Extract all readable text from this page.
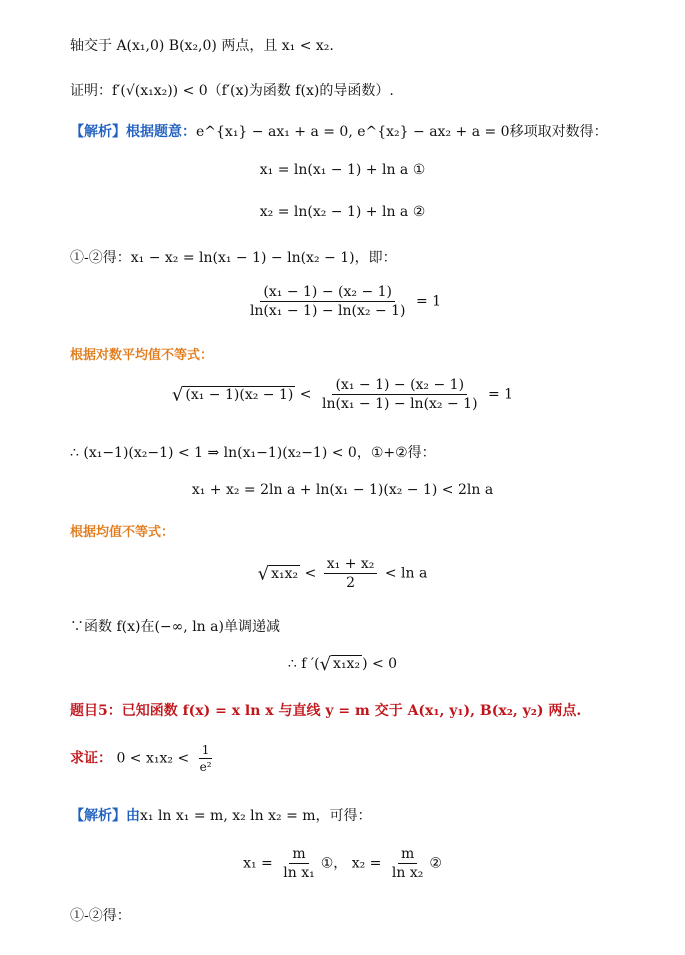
轴交于 A(x₁,0) B(x₂,0) 两点，且 x₁ < x₂.
证明：f′(√(x₁x₂)) < 0（f′(x)为函数 f(x)的导函数）.
【解析】根据题意：e^{x₁} − ax₁ + a = 0, e^{x₂} − ax₂ + a = 0移项取对数得：
x₁ = ln(x₁ − 1) + ln a ①
x₂ = ln(x₂ − 1) + ln a ②
①-②得：x₁ − x₂ = ln(x₁ − 1) − ln(x₂ − 1)，即：
$\frac{\text{(x₁ − 1) − (x₂ − 1)}}{\text{ln(x₁ − 1) − ln(x₂ − 1)}} = 1$
根据对数平均值不等式：
√ $(x_1 - 1)(x_2 - 1) < \frac{\text{(x₁ − 1) − (x₂ − 1)}}{\text{ln(x₁ − 1) − ln(x₂ − 1)}} = 1$
∴ (x₁−1)(x₂−1) < 1 ⇒ ln(x₁−1)(x₂−1) < 0，①+②得：
x₁ + x₂ = 2ln a + ln(x₁ − 1)(x₂ − 1) < 2ln a
根据均值不等式：
√ $x_1x_2 < \frac{\text{x₁ + x₂}}{2} < \ln a$
∵函数 f(x)在(−∞, ln a)单调递减
∴ f ′(√ x₁x₂ ) < 0
题目5：已知函数 f(x) = x ln x 与直线 y = m 交于 A(x₁, y₁), B(x₂, y₂) 两点.
求证： $0 < x_1x_2 < \frac{1}{\text{e²}}$
【解析】由x₁ ln x₁ = m, x₂ ln x₂ = m，可得：
$x_1 = \frac{m}{\text{ln x₁}}$ ①， $x_2 = \frac{m}{\text{ln x₂}}$ ②
①-②得：
